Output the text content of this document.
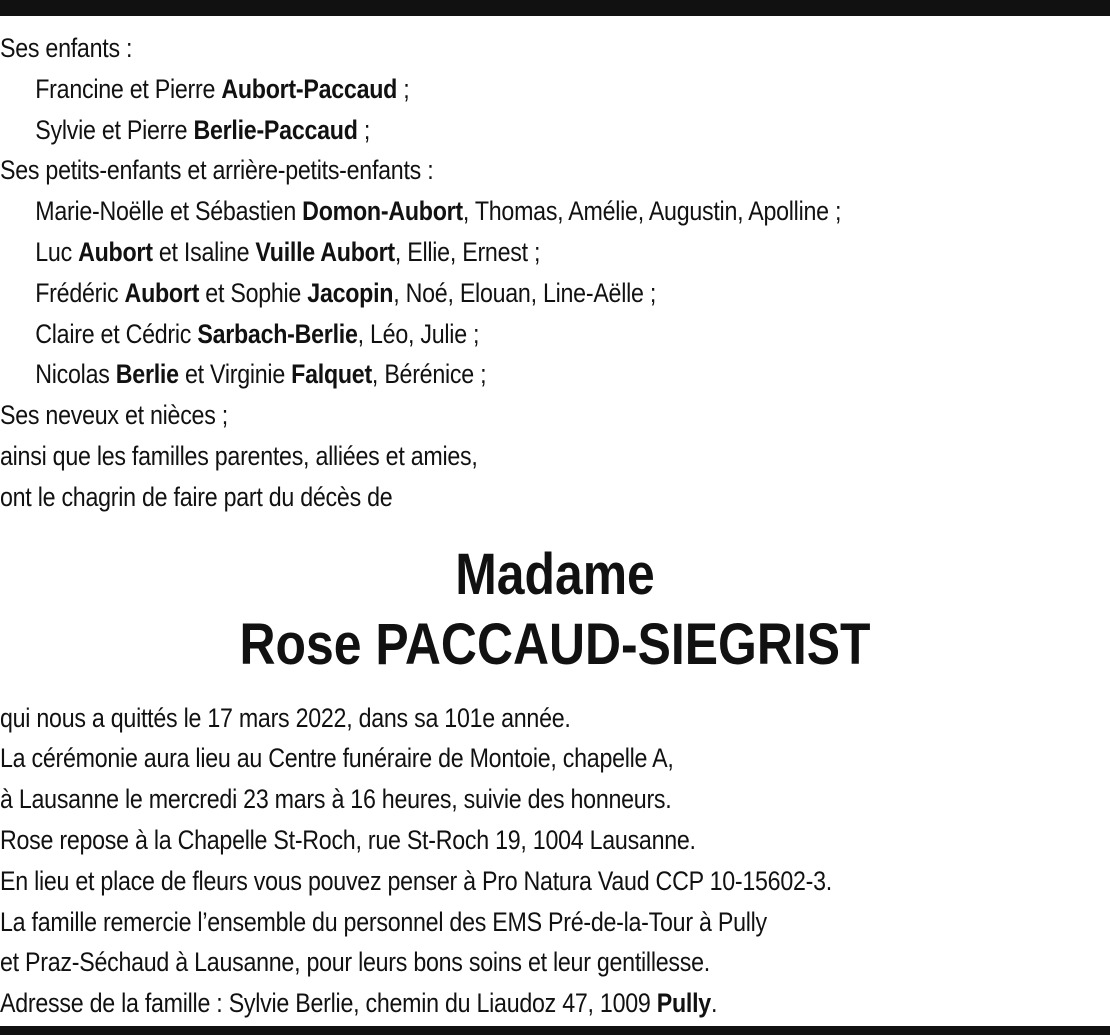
Ses enfants :
Francine et Pierre Aubort-Paccaud ;
Sylvie et Pierre Berlie-Paccaud ;
Ses petits-enfants et arrière-petits-enfants :
Marie-Noëlle et Sébastien Domon-Aubort, Thomas, Amélie, Augustin, Apolline ;
Luc Aubort et Isaline Vuille Aubort, Ellie, Ernest ;
Frédéric Aubort et Sophie Jacopin, Noé, Elouan, Line-Aëlle ;
Claire et Cédric Sarbach-Berlie, Léo, Julie ;
Nicolas Berlie et Virginie Falquet, Bérénice ;
Ses neveux et nièces ;
ainsi que les familles parentes, alliées et amies,
ont le chagrin de faire part du décès de
Madame
Rose PACCAUD-SIEGRIST
qui nous a quittés le 17 mars 2022, dans sa 101e année.
La cérémonie aura lieu au Centre funéraire de Montoie, chapelle A,
à Lausanne le mercredi 23 mars à 16 heures, suivie des honneurs.
Rose repose à la Chapelle St-Roch, rue St-Roch 19, 1004 Lausanne.
En lieu et place de fleurs vous pouvez penser à Pro Natura Vaud CCP 10-15602-3.
La famille remercie l’ensemble du personnel des EMS Pré-de-la-Tour à Pully
et Praz-Séchaud à Lausanne, pour leurs bons soins et leur gentillesse.
Adresse de la famille : Sylvie Berlie, chemin du Liaudoz 47, 1009 Pully.
